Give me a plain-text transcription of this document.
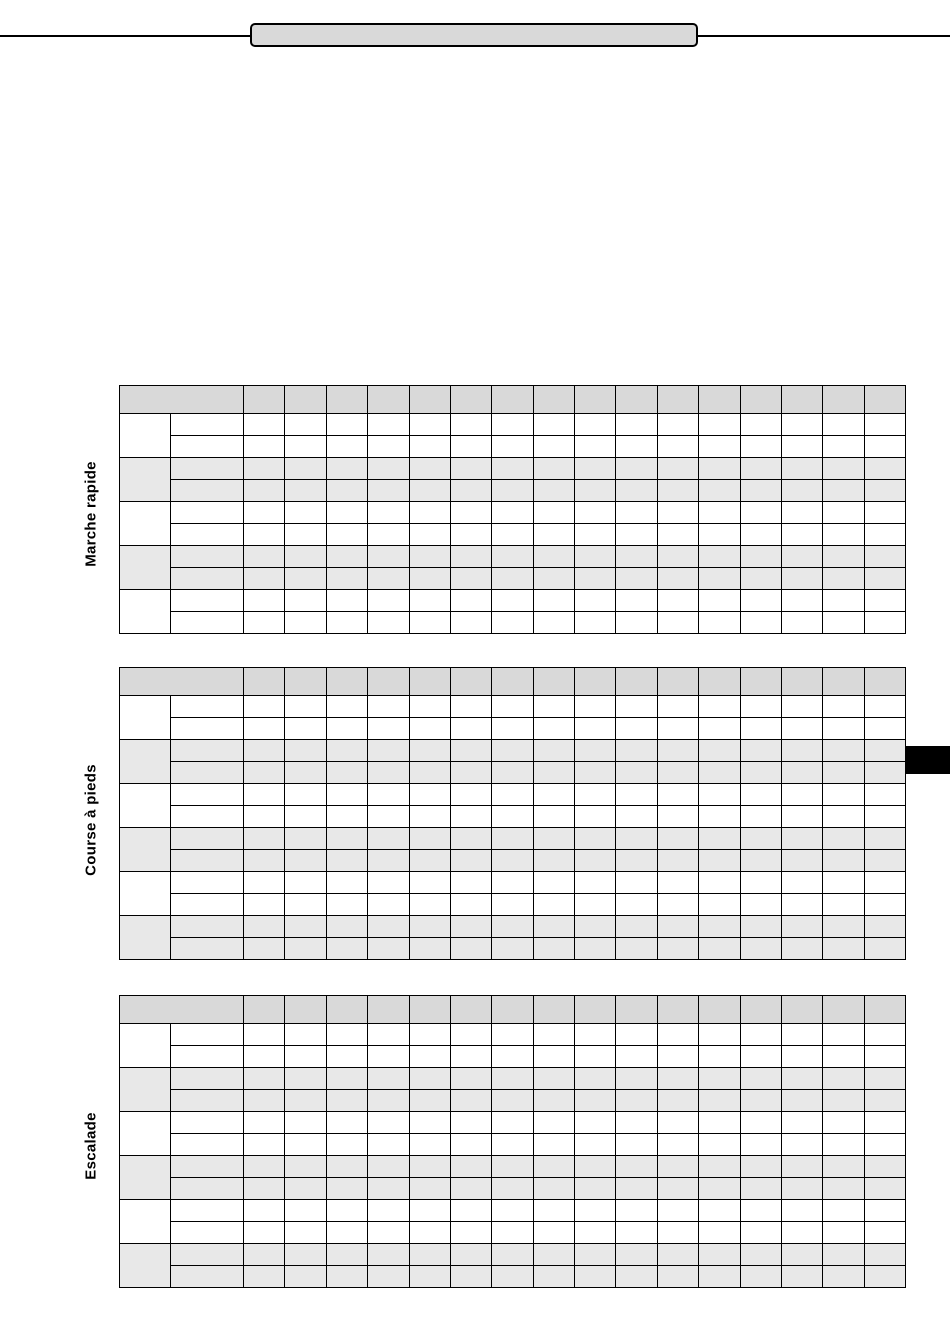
Marche rapide
Course à pieds
Escalade
